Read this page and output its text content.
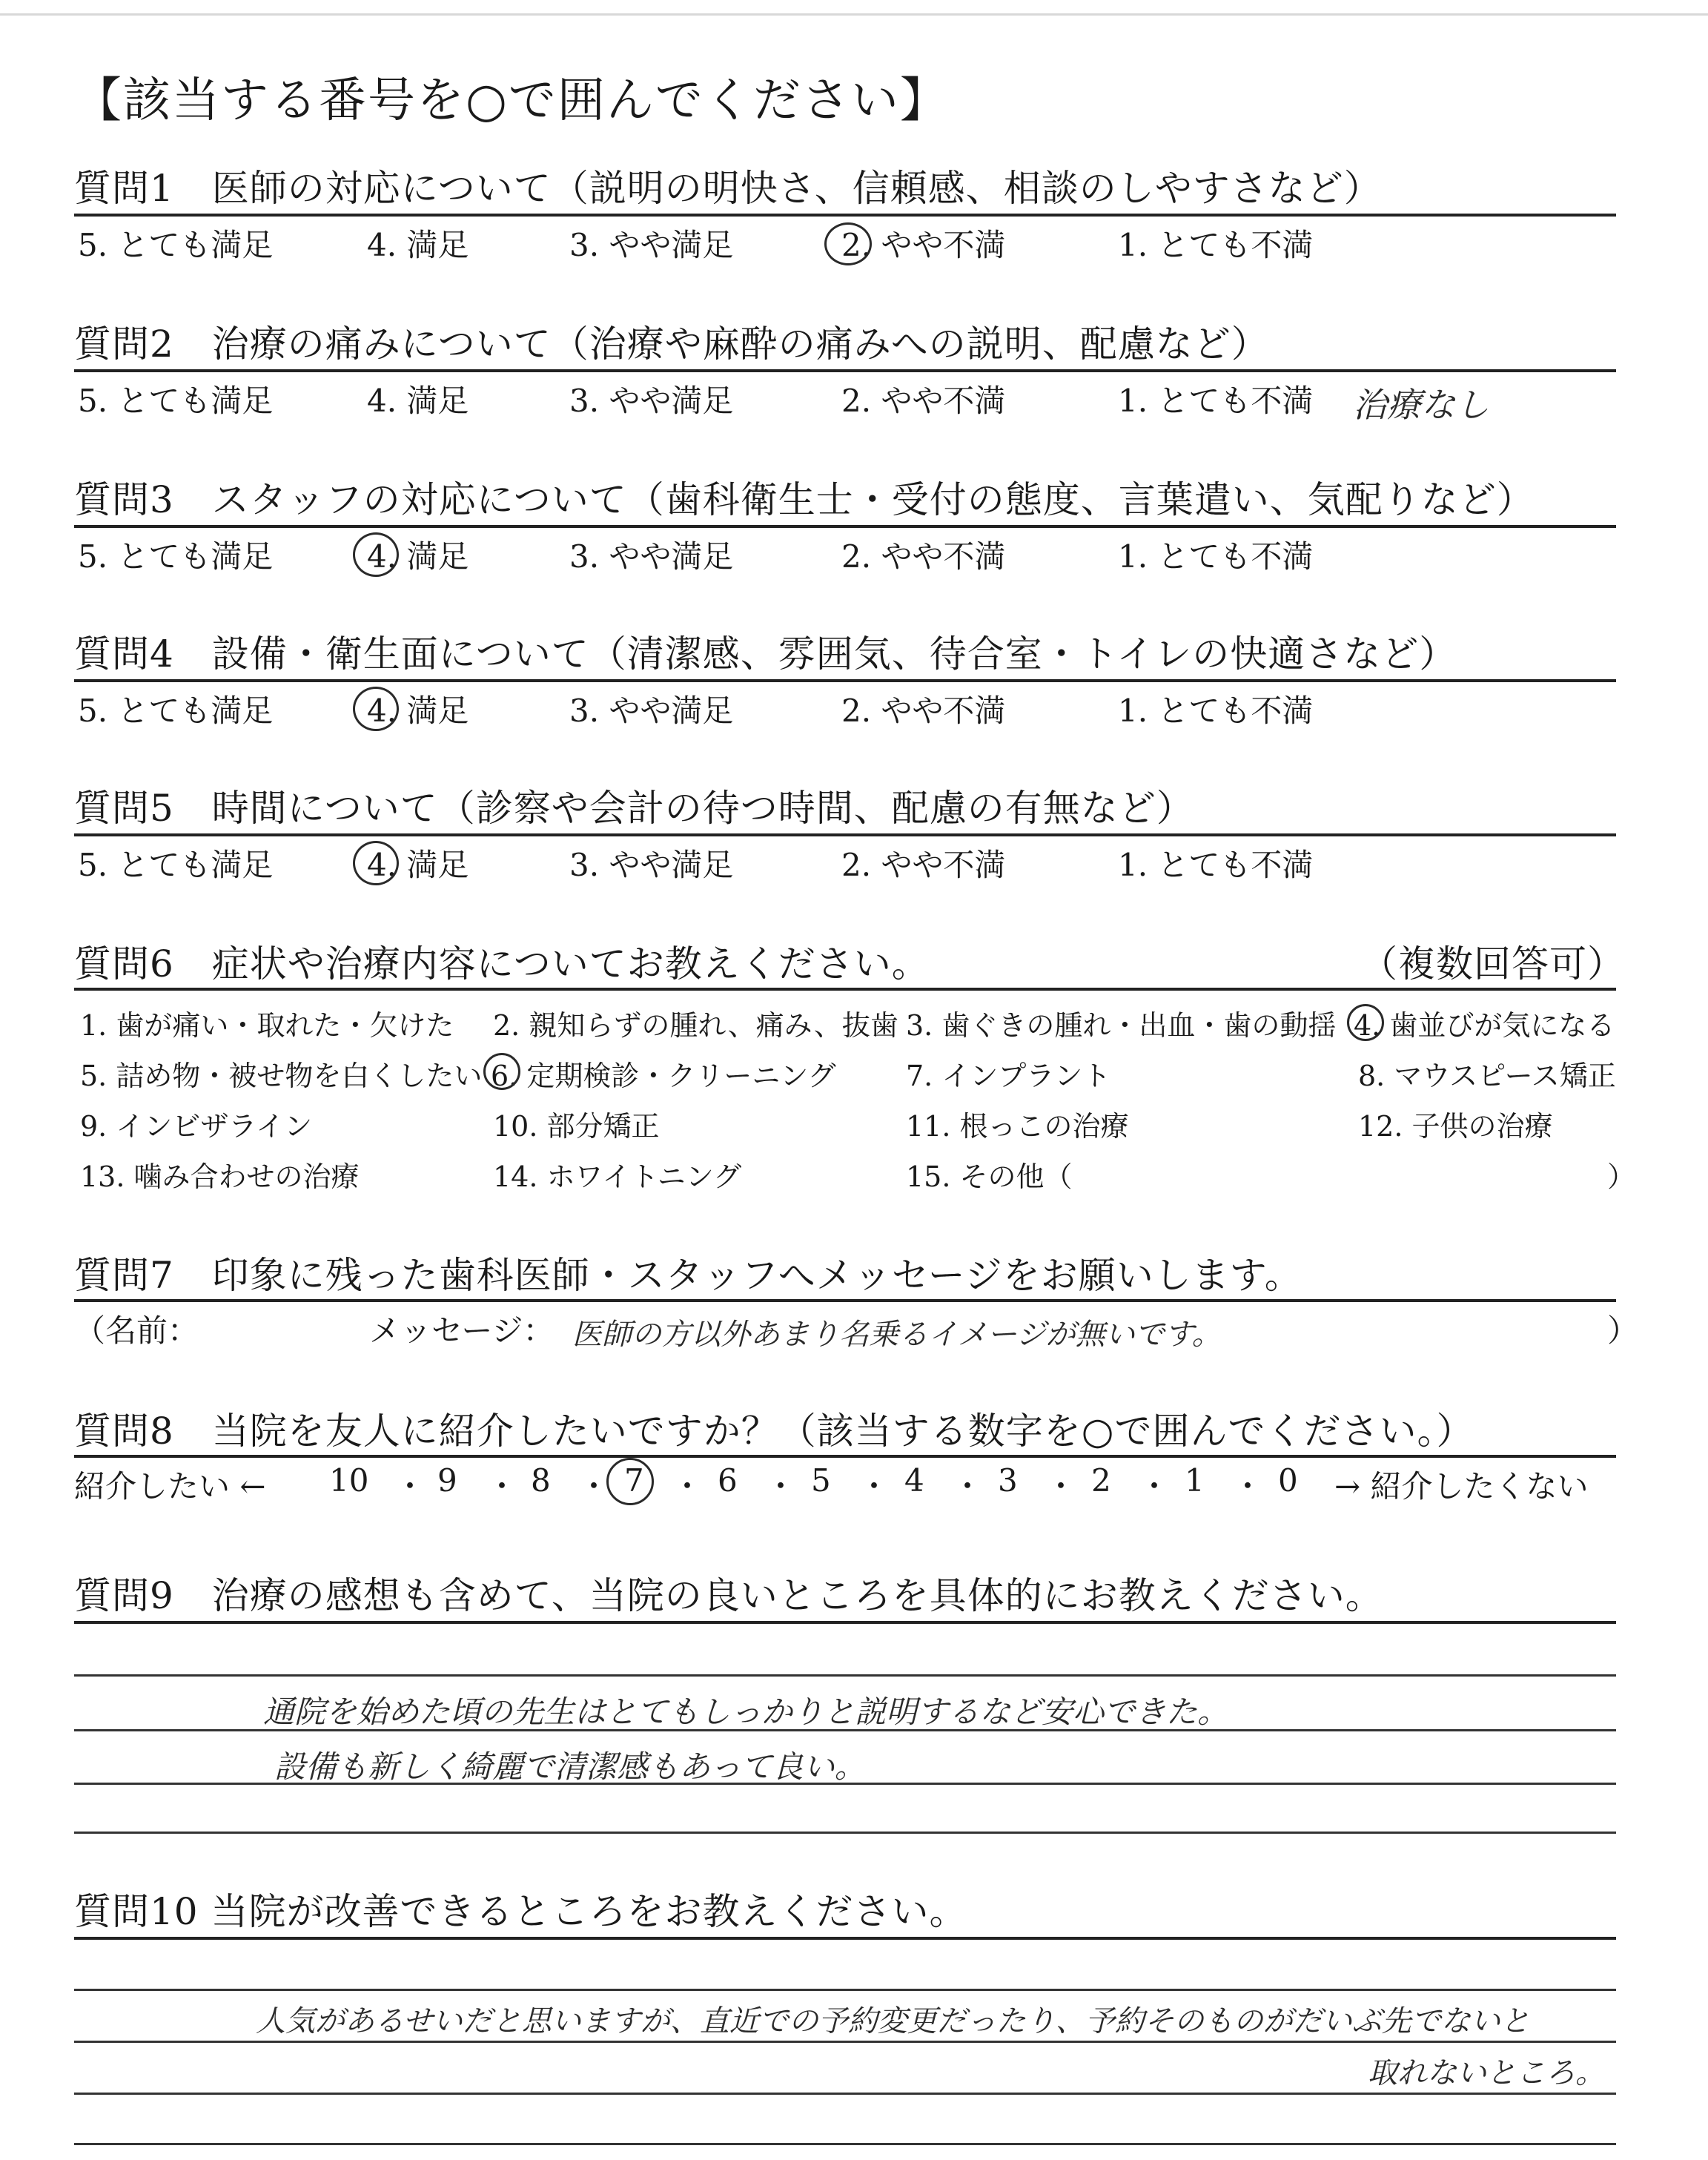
【該当する番号を○で囲んでください】
質問1　医師の対応について（説明の明快さ、信頼感、相談のしやすさなど）
5. とても満足	4. 満足	3. やや満足	2. やや不満	1. とても不満
質問2　治療の痛みについて（治療や麻酔の痛みへの説明、配慮など）
5. とても満足	4. 満足	3. やや満足	2. やや不満	1. とても不満 治療なし
質問3　スタッフの対応について（歯科衛生士・受付の態度、言葉遣い、気配りなど）
5. とても満足	4. 満足	3. やや満足	2. やや不満	1. とても不満
質問4　設備・衛生面について（清潔感、雰囲気、待合室・トイレの快適さなど）
5. とても満足	4. 満足	3. やや満足	2. やや不満	1. とても不満
質問5　時間について（診察や会計の待つ時間、配慮の有無など）
5. とても満足	4. 満足	3. やや満足	2. やや不満	1. とても不満
質問6　症状や治療内容についてお教えください。	（複数回答可）
1. 歯が痛い・取れた・欠けた 2. 親知らずの腫れ、痛み、抜歯 3. 歯ぐきの腫れ・出血・歯の動揺 4. 歯並びが気になる
5. 詰め物・被せ物を白くしたい 6. 定期検診・クリーニング 7. インプラント	8. マウスピース矯正
9. インビザライン	10. 部分矯正	11. 根っこの治療	12. 子供の治療
13. 噛み合わせの治療	14. ホワイトニング	15. その他（	）
質問7　印象に残った歯科医師・スタッフへメッセージをお願いします。
（名前：	メッセージ： 医師の方以外あまり名乗るイメージが無いです。	）
質問8　当院を友人に紹介したいですか？（該当する数字を○で囲んでください。）
紹介したい ← 10 ・ 9 ・ 8 ・ 7 ・ 6 ・ 5 ・ 4 ・ 3 ・ 2 ・ 1 ・ 0 → 紹介したくない
質問9　治療の感想も含めて、当院の良いところを具体的にお教えください。
通院を始めた頃の先生はとてもしっかりと説明するなど安心できた。
設備も新しく綺麗で清潔感もあって良い。
質問10 当院が改善できるところをお教えください。
人気があるせいだと思いますが、直近での予約変更だったり、予約そのものがだいぶ先でないと
取れないところ。
